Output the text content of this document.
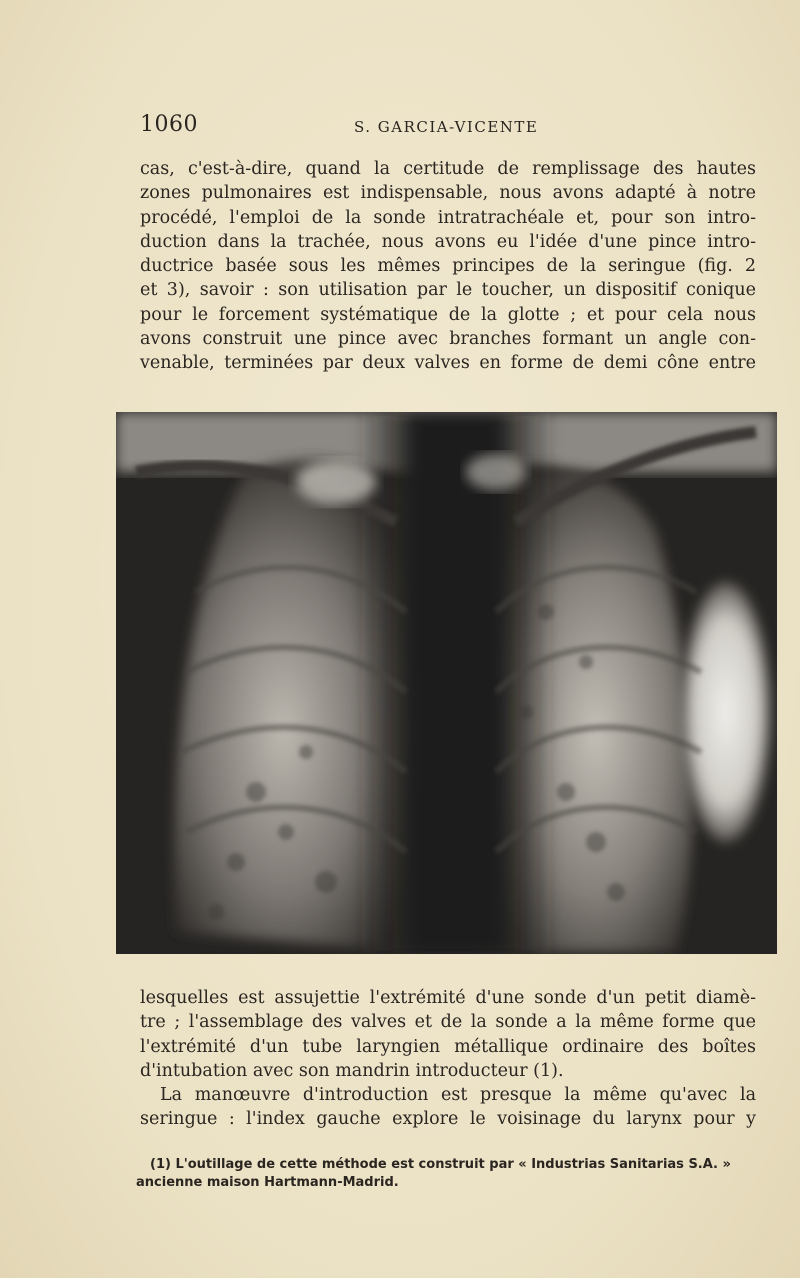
1060	S. GARCIA-VICENTE
cas, c'est-à-dire, quand la certitude de remplissage des hautes
zones pulmonaires est indispensable, nous avons adapté à notre
procédé, l'emploi de la sonde intratrachéale et, pour son intro-
duction dans la trachée, nous avons eu l'idée d'une pince intro-
ductrice basée sous les mêmes principes de la seringue (fig. 2
et 3), savoir : son utilisation par le toucher, un dispositif conique
pour le forcement systématique de la glotte ; et pour cela nous
avons construit une pince avec branches formant un angle con-
venable, terminées par deux valves en forme de demi cône entre
lesquelles est assujettie l'extrémité d'une sonde d'un petit diamè-
tre ; l'assemblage des valves et de la sonde a la même forme que
l'extrémité d'un tube laryngien métallique ordinaire des boîtes
d'intubation avec son mandrin introducteur (1).
La manœuvre d'introduction est presque la même qu'avec la
seringue : l'index gauche explore le voisinage du larynx pour y
(1) L'outillage de cette méthode est construit par « Industrias Sanitarias S.A. »
ancienne maison Hartmann-Madrid.
